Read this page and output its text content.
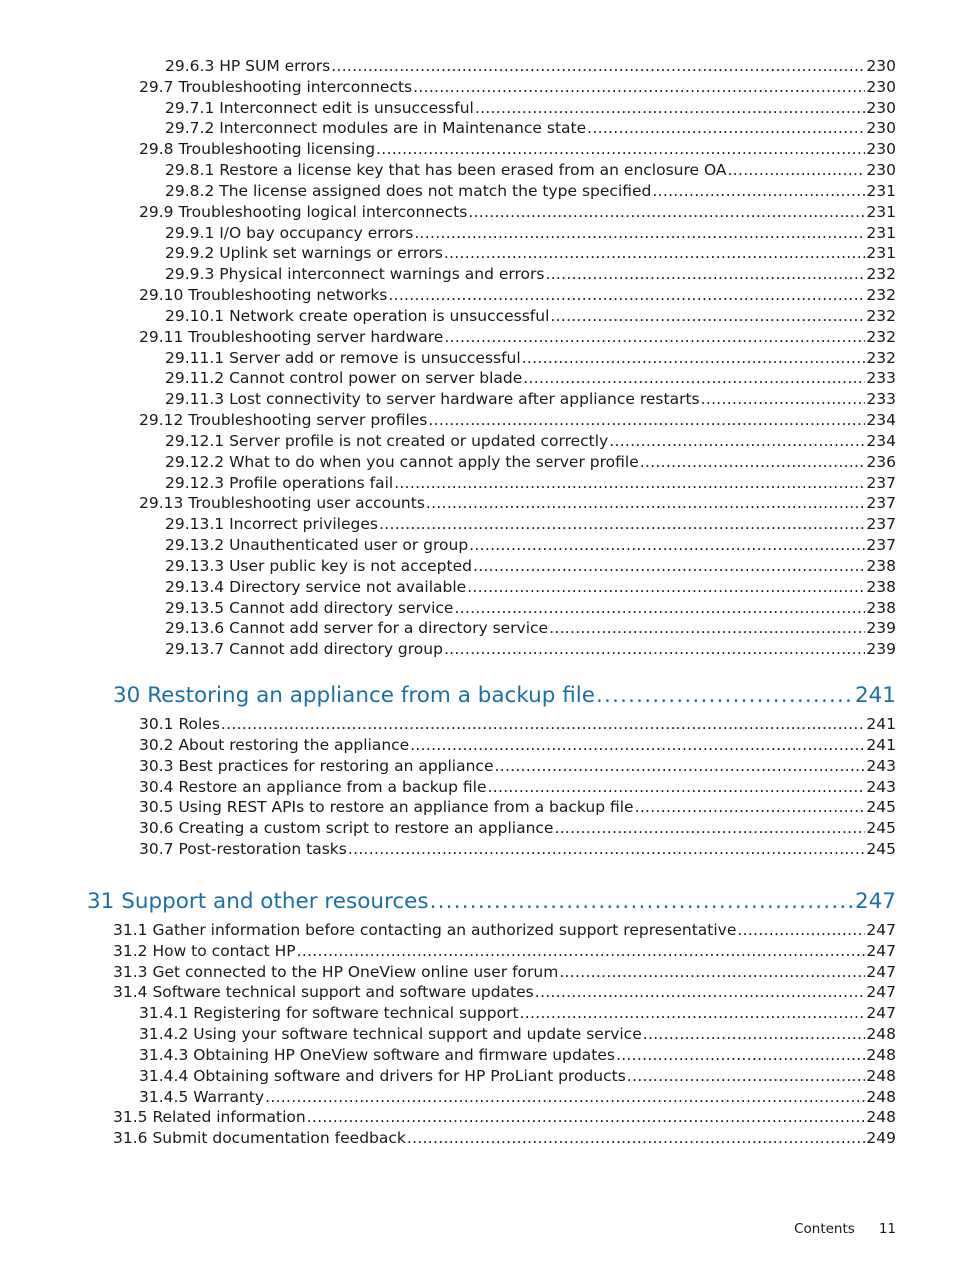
29.6.3 HP SUM errors .....	230
29.7 Troubleshooting interconnects .....	230
29.7.1 Interconnect edit is unsuccessful .....	230
29.7.2 Interconnect modules are in Maintenance state .....	230
29.8 Troubleshooting licensing .....	230
29.8.1 Restore a license key that has been erased from an enclosure OA .....	230
29.8.2 The license assigned does not match the type specified .....	231
29.9 Troubleshooting logical interconnects .....	231
29.9.1 I/O bay occupancy errors .....	231
29.9.2 Uplink set warnings or errors .....	231
29.9.3 Physical interconnect warnings and errors .....	232
29.10 Troubleshooting networks .....	232
29.10.1 Network create operation is unsuccessful .....	232
29.11 Troubleshooting server hardware .....	232
29.11.1 Server add or remove is unsuccessful .....	232
29.11.2 Cannot control power on server blade .....	233
29.11.3 Lost connectivity to server hardware after appliance restarts .....	233
29.12 Troubleshooting server profiles .....	234
29.12.1 Server profile is not created or updated correctly .....	234
29.12.2 What to do when you cannot apply the server profile .....	236
29.12.3 Profile operations fail .....	237
29.13 Troubleshooting user accounts .....	237
29.13.1 Incorrect privileges .....	237
29.13.2 Unauthenticated user or group .....	237
29.13.3 User public key is not accepted .....	238
29.13.4 Directory service not available .....	238
29.13.5 Cannot add directory service .....	238
29.13.6 Cannot add server for a directory service .....	239
29.13.7 Cannot add directory group .....	239
30 Restoring an appliance from a backup file .....	241
30.1 Roles .....	241
30.2 About restoring the appliance .....	241
30.3 Best practices for restoring an appliance .....	243
30.4 Restore an appliance from a backup file .....	243
30.5 Using REST APIs to restore an appliance from a backup file .....	245
30.6 Creating a custom script to restore an appliance .....	245
30.7 Post-restoration tasks .....	245
31 Support and other resources .....	247
31.1 Gather information before contacting an authorized support representative .....	247
31.2 How to contact HP .....	247
31.3 Get connected to the HP OneView online user forum .....	247
31.4 Software technical support and software updates .....	247
31.4.1 Registering for software technical support .....	247
31.4.2 Using your software technical support and update service .....	248
31.4.3 Obtaining HP OneView software and firmware updates .....	248
31.4.4 Obtaining software and drivers for HP ProLiant products .....	248
31.4.5 Warranty .....	248
31.5 Related information .....	248
31.6 Submit documentation feedback .....	249
Contents 11
